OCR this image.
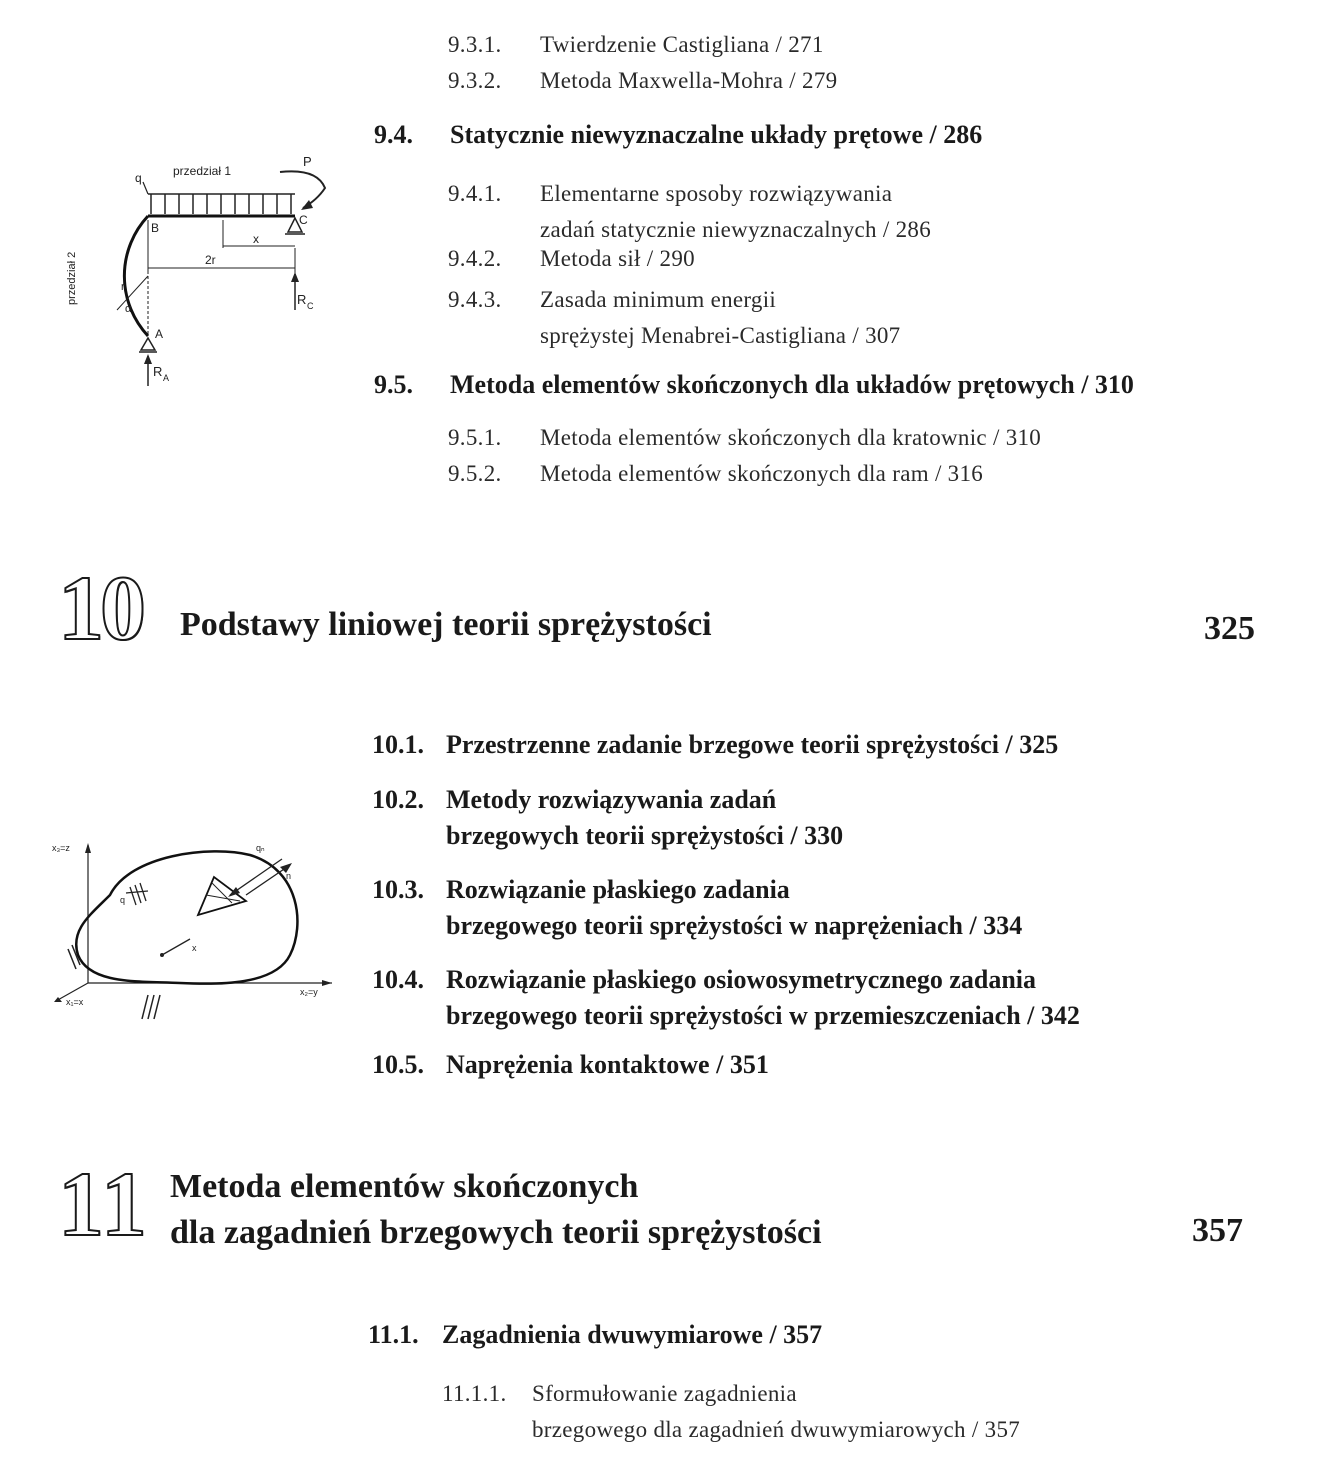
9.3.1. Twierdzenie Castigliana / 271
9.3.2. Metoda Maxwella-Mohra / 279
9.4. Statycznie niewyznaczalne układy prętowe / 286
9.4.1. Elementarne sposoby rozwiązywania
zadań statycznie niewyznaczalnych / 286
9.4.2. Metoda sił / 290
9.4.3. Zasada minimum energii
sprężystej Menabrei-Castigliana / 307
9.5. Metoda elementów skończonych dla układów prętowych / 310
9.5.1. Metoda elementów skończonych dla kratownic / 310
9.5.2. Metoda elementów skończonych dla ram / 316
przedział 1
P
q
B
C
przedział 2
x
2r
R C
r
α
A
R A
10 Podstawy liniowej teorii sprężystości	325
10.1. Przestrzenne zadanie brzegowe teorii sprężystości / 325
10.2. Metody rozwiązywania zadań
brzegowych teorii sprężystości / 330
10.3. Rozwiązanie płaskiego zadania
brzegowego teorii sprężystości w naprężeniach / 334
10.4. Rozwiązanie płaskiego osiowosymetrycznego zadania
brzegowego teorii sprężystości w przemieszczeniach / 342
10.5. Naprężenia kontaktowe / 351
x₃=z
x₂=y
x₁=x
q
qₙ
n
x
11 Metoda elementów skończonych
dla zagadnień brzegowych teorii sprężystości	357
11.1. Zagadnienia dwuwymiarowe / 357
11.1.1. Sformułowanie zagadnienia
brzegowego dla zagadnień dwuwymiarowych / 357
